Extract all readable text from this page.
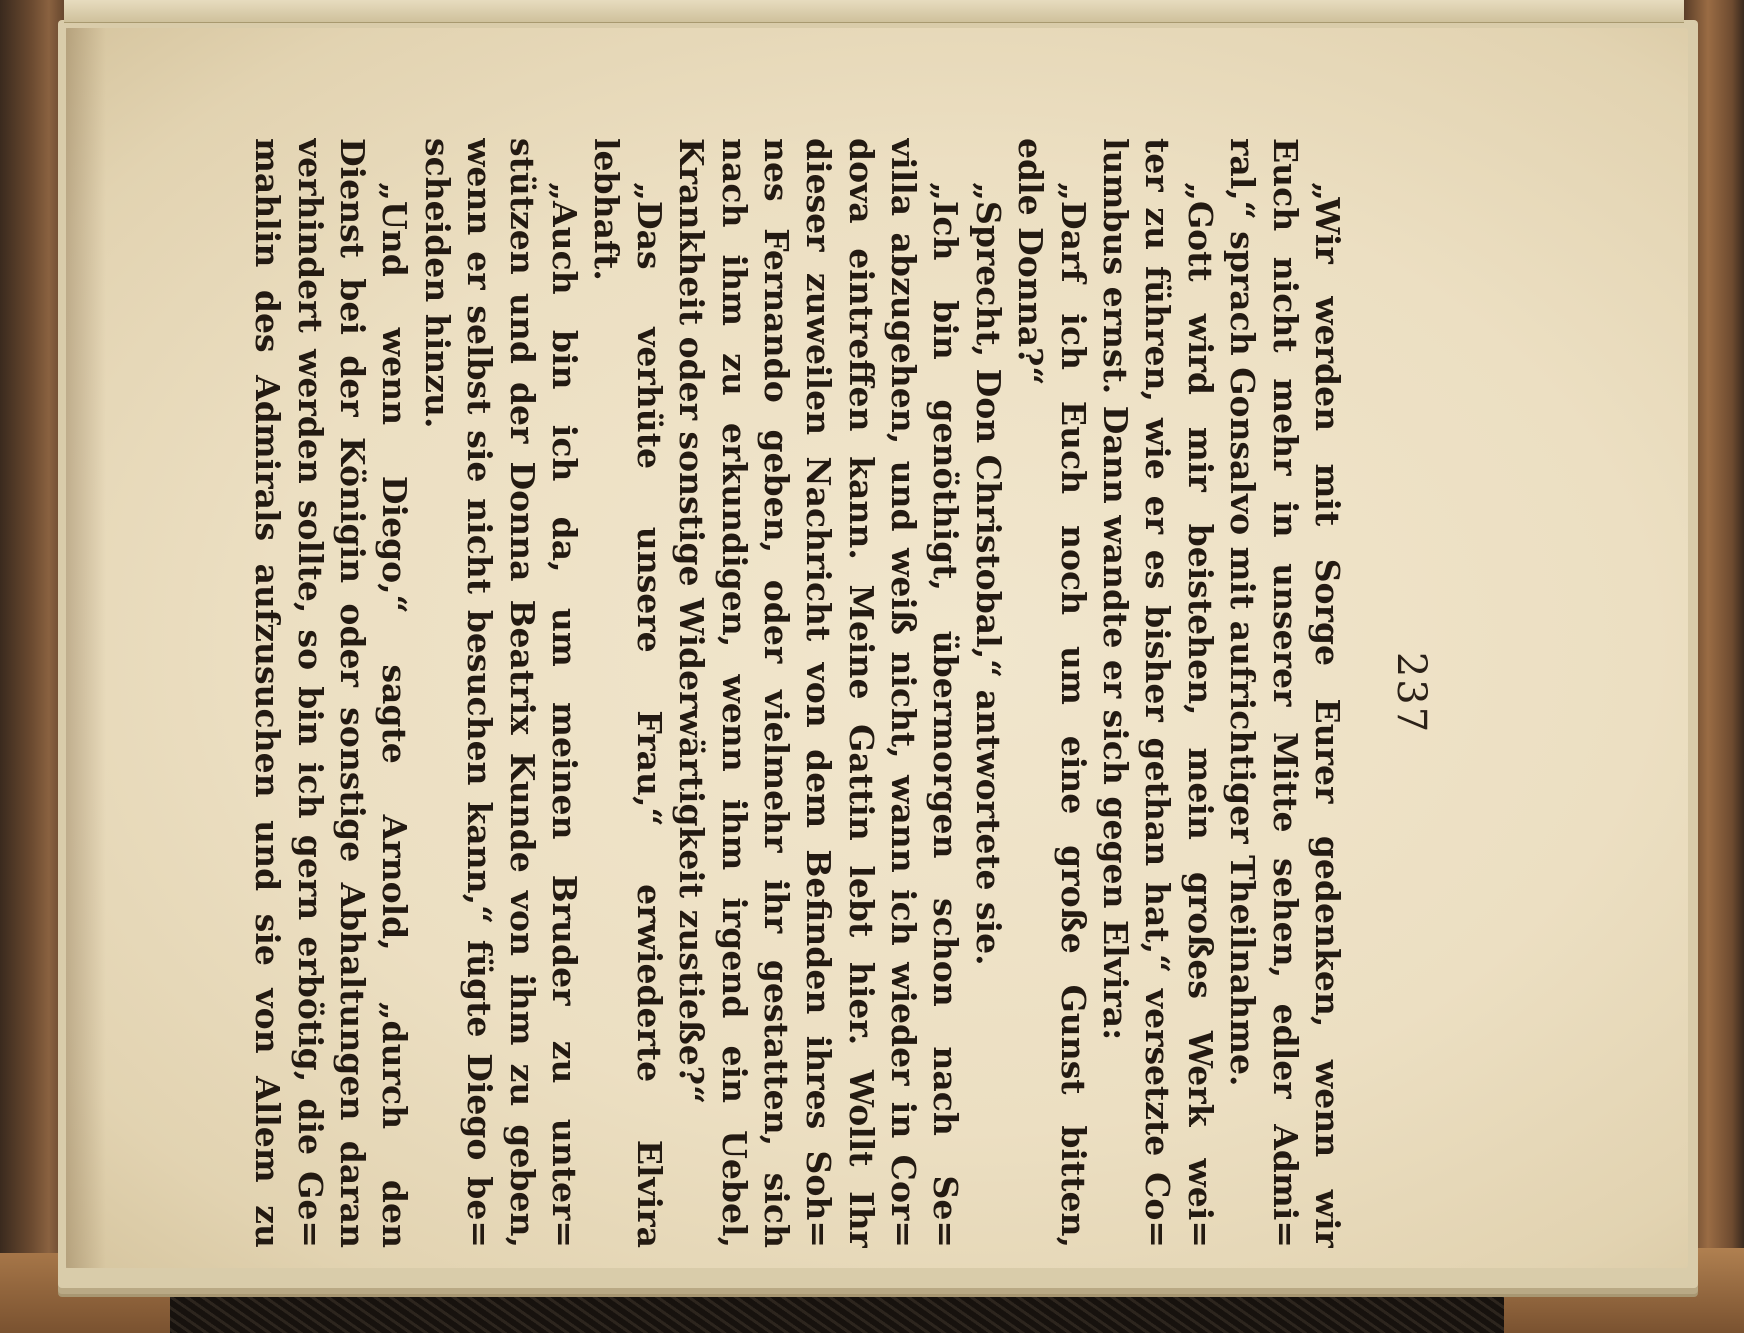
237
„Wir werden mit Sorge Eurer gedenken, wenn wir
Euch nicht mehr in unserer Mitte sehen, edler Admi=
ral,“ sprach Gonsalvo mit aufrichtiger Theilnahme.
„Gott wird mir beistehen, mein großes Werk wei=
ter zu führen, wie er es bisher gethan hat,“ versetzte Co=
lumbus ernst. Dann wandte er sich gegen Elvira:
„Darf ich Euch noch um eine große Gunst bitten,
edle Donna?“
„Sprecht, Don Christobal,“ antwortete sie.
„Ich bin genöthigt, übermorgen schon nach Se=
villa abzugehen, und weiß nicht, wann ich wieder in Cor=
dova eintreffen kann. Meine Gattin lebt hier. Wollt Ihr
dieser zuweilen Nachricht von dem Befinden ihres Soh=
nes Fernando geben, oder vielmehr ihr gestatten, sich
nach ihm zu erkundigen, wenn ihm irgend ein Uebel,
Krankheit oder sonstige Widerwärtigkeit zustieße?“
„Das verhüte unsere Frau,“ erwiederte Elvira
lebhaft.
„Auch bin ich da, um meinen Bruder zu unter=
stützen und der Donna Beatrix Kunde von ihm zu geben,
wenn er selbst sie nicht besuchen kann,“ fügte Diego be=
scheiden hinzu.
„Und wenn Diego,“ sagte Arnold, „durch den
Dienst bei der Königin oder sonstige Abhaltungen daran
verhindert werden sollte, so bin ich gern erbötig, die Ge=
mahlin des Admirals aufzusuchen und sie von Allem zu
